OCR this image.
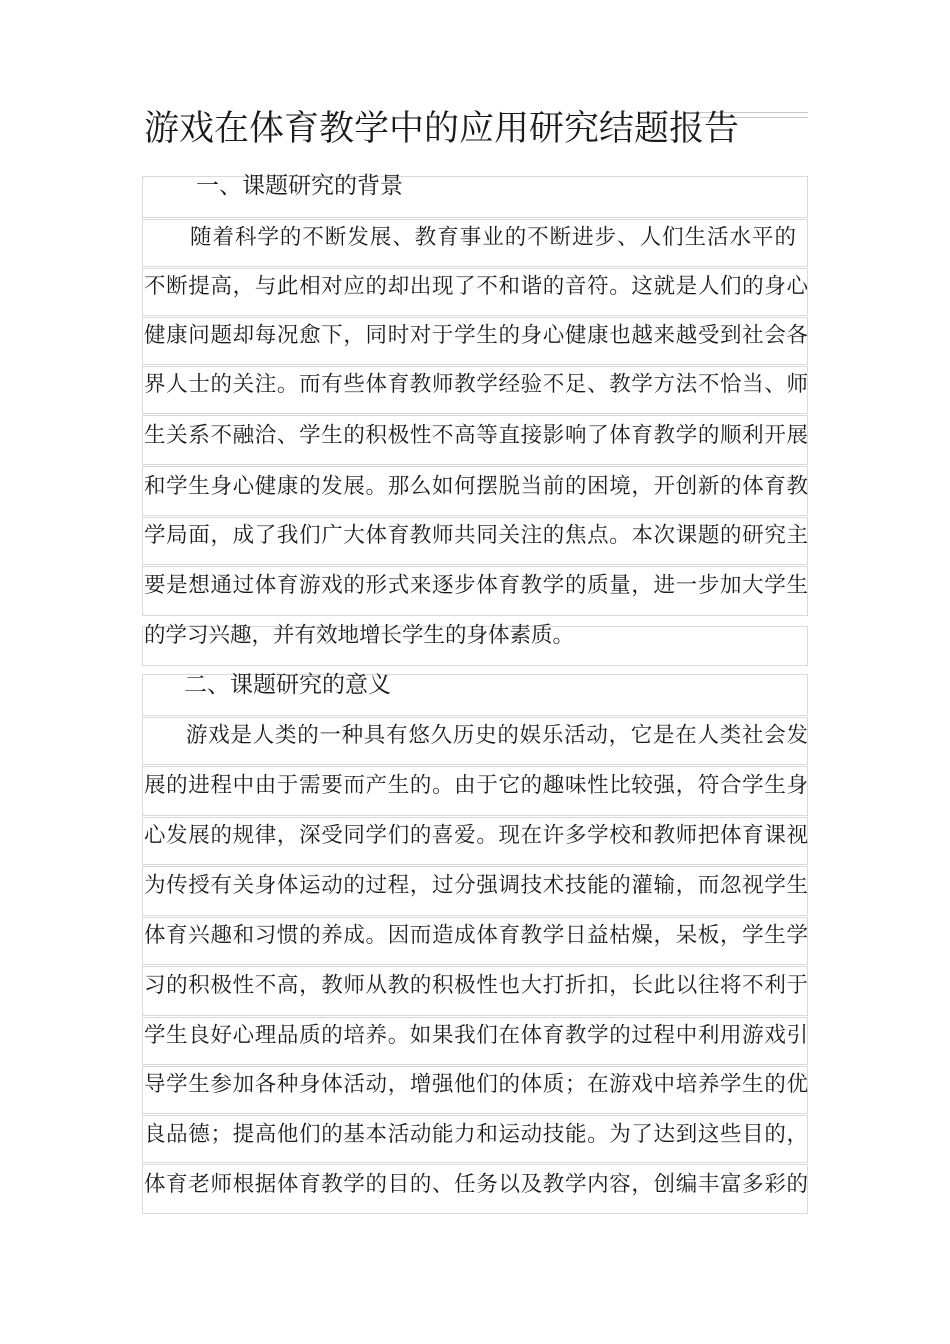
游戏在体育教学中的应用研究结题报告
一、课题研究的背景
随着科学的不断发展、教育事业的不断进步、人们生活水平的
不断提高，与此相对应的却出现了不和谐的音符。这就是人们的身心
健康问题却每况愈下，同时对于学生的身心健康也越来越受到社会各
界人士的关注。而有些体育教师教学经验不足、教学方法不恰当、师
生关系不融洽、学生的积极性不高等直接影响了体育教学的顺利开展
和学生身心健康的发展。那么如何摆脱当前的困境，开创新的体育教
学局面，成了我们广大体育教师共同关注的焦点。本次课题的研究主
要是想通过体育游戏的形式来逐步体育教学的质量，进一步加大学生
的学习兴趣，并有效地增长学生的身体素质。
二、课题研究的意义
游戏是人类的一种具有悠久历史的娱乐活动，它是在人类社会发
展的进程中由于需要而产生的。由于它的趣味性比较强，符合学生身
心发展的规律，深受同学们的喜爱。现在许多学校和教师把体育课视
为传授有关身体运动的过程，过分强调技术技能的灌输，而忽视学生
体育兴趣和习惯的养成。因而造成体育教学日益枯燥，呆板，学生学
习的积极性不高，教师从教的积极性也大打折扣，长此以往将不利于
学生良好心理品质的培养。如果我们在体育教学的过程中利用游戏引
导学生参加各种身体活动，增强他们的体质；在游戏中培养学生的优
良品德；提高他们的基本活动能力和运动技能。为了达到这些目的，
体育老师根据体育教学的目的、任务以及教学内容，创编丰富多彩的
